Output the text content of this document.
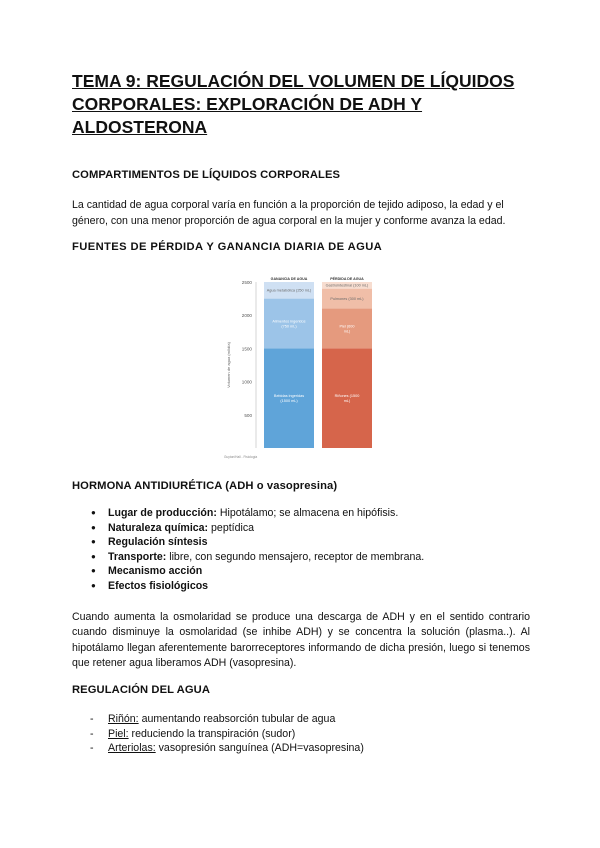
TEMA 9: REGULACIÓN DEL VOLUMEN DE LÍQUIDOS CORPORALES: EXPLORACIÓN DE ADH Y ALDOSTERONA
COMPARTIMENTOS DE LÍQUIDOS CORPORALES

La cantidad de agua corporal varía en función a la proporción de tejido adiposo, la edad y el género, con una menor proporción de agua corporal en la mujer y conforme avanza la edad.

FUENTES DE PÉRDIDA Y GANANCIA DIARIA DE AGUA
500
1000
1500
2000
2500
Volumen de agua (ml/día)
GANANCIA DE AGUA	PÉRDIDA DE AGUA
Bebidas ingeridas (1500 mL)
Alimentos ingeridos (750 mL)
Agua metabólica (250 mL)
Riñones (1500 mL)
Piel (600 mL)
Pulmones (300 mL)
Gastrointestinal (100 mL)
Guyton/Hall - Fisiología
HORMONA ANTIDIURÉTICA (ADH o vasopresina)
● Lugar de producción: Hipotálamo; se almacena en hipófisis.
● Naturaleza química: peptídica
● Regulación síntesis
● Transporte: libre, con segundo mensajero, receptor de membrana.
● Mecanismo acción
● Efectos fisiológicos

Cuando aumenta la osmolaridad se produce una descarga de ADH y en el sentido contrario cuando disminuye la osmolaridad (se inhibe ADH) y se concentra la solución (plasma..). Al hipotálamo llegan aferentemente barorreceptores informando de dicha presión, luego si tenemos que retener agua liberamos ADH (vasopresina).

REGULACIÓN DEL AGUA
- Riñón: aumentando reabsorción tubular de agua
- Piel: reduciendo la transpiración (sudor)
- Arteriolas: vasopresión sanguínea (ADH=vasopresina)
